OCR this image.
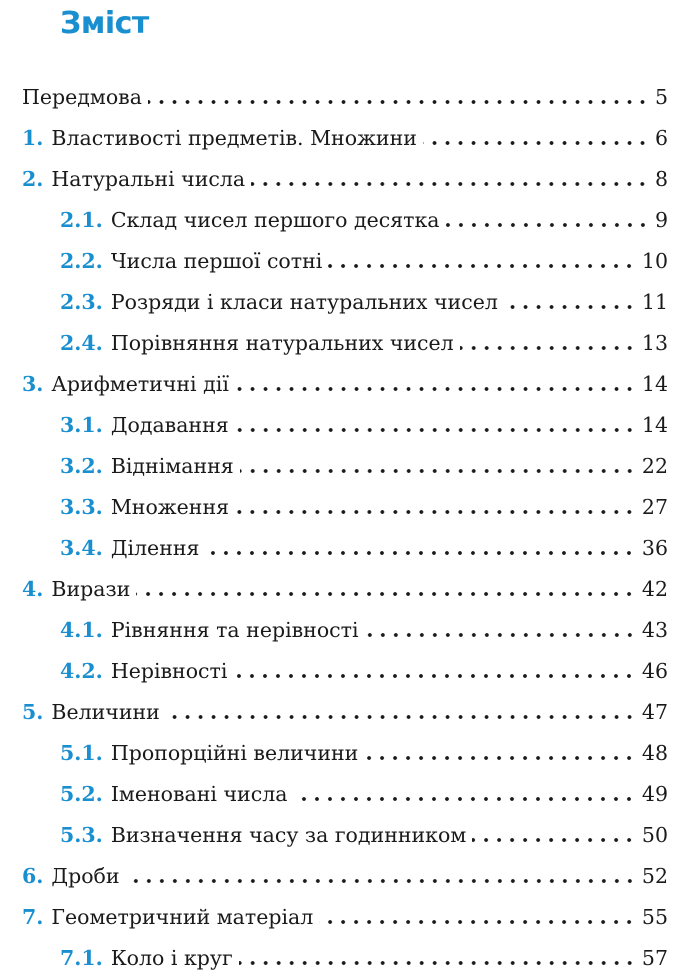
Зміст
Передмова	5
1. Властивості предметів. Множини	6
2. Натуральні числа	8
2.1. Склад чисел першого десятка	9
2.2. Числа першої сотні	10
2.3. Розряди і класи натуральних чисел	11
2.4. Порівняння натуральних чисел	13
3. Арифметичні дії	14
3.1. Додавання	14
3.2. Віднімання	22
3.3. Множення	27
3.4. Ділення	36
4. Вирази	42
4.1. Рівняння та нерівності	43
4.2. Нерівності	46
5. Величини	47
5.1. Пропорційні величини	48
5.2. Іменовані числа	49
5.3. Визначення часу за годинником	50
6. Дроби	52
7. Геометричний матеріал	55
7.1. Коло і круг	57
